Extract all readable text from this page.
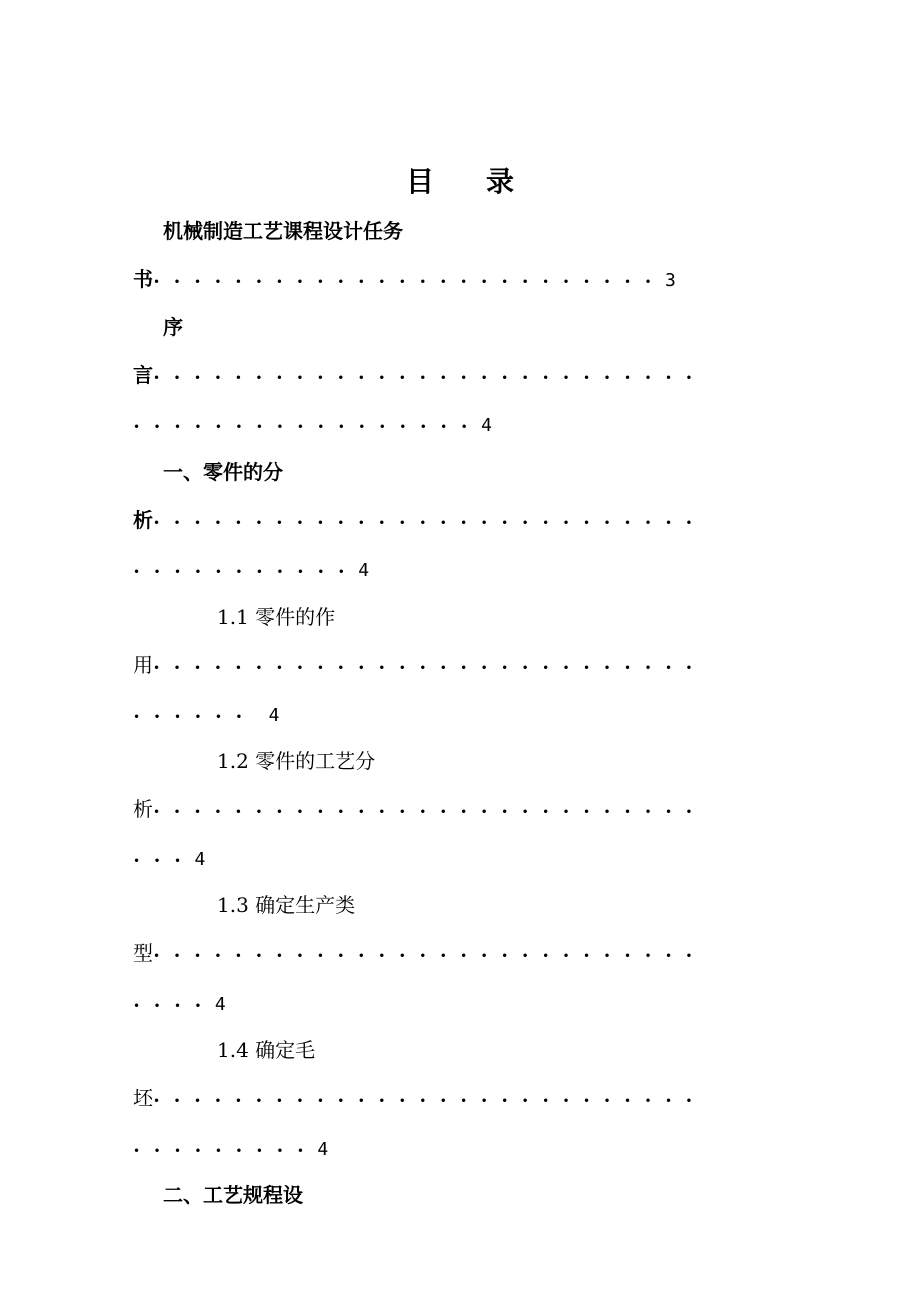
目 录
机械制造工艺课程设计任务
书•••••••••••••••••••••••••3
序
言•••••••••••••••••••••••••••
•••••••••••••••••4
一、零件的分
析•••••••••••••••••••••••••••
•••••••••••4
1.1 零件的作
用•••••••••••••••••••••••••••
•••••• 4
1.2 零件的工艺分
析•••••••••••••••••••••••••••
•••4
1.3 确定生产类
型•••••••••••••••••••••••••••
••••4
1.4 确定毛
坯•••••••••••••••••••••••••••
•••••••••4
二、工艺规程设
